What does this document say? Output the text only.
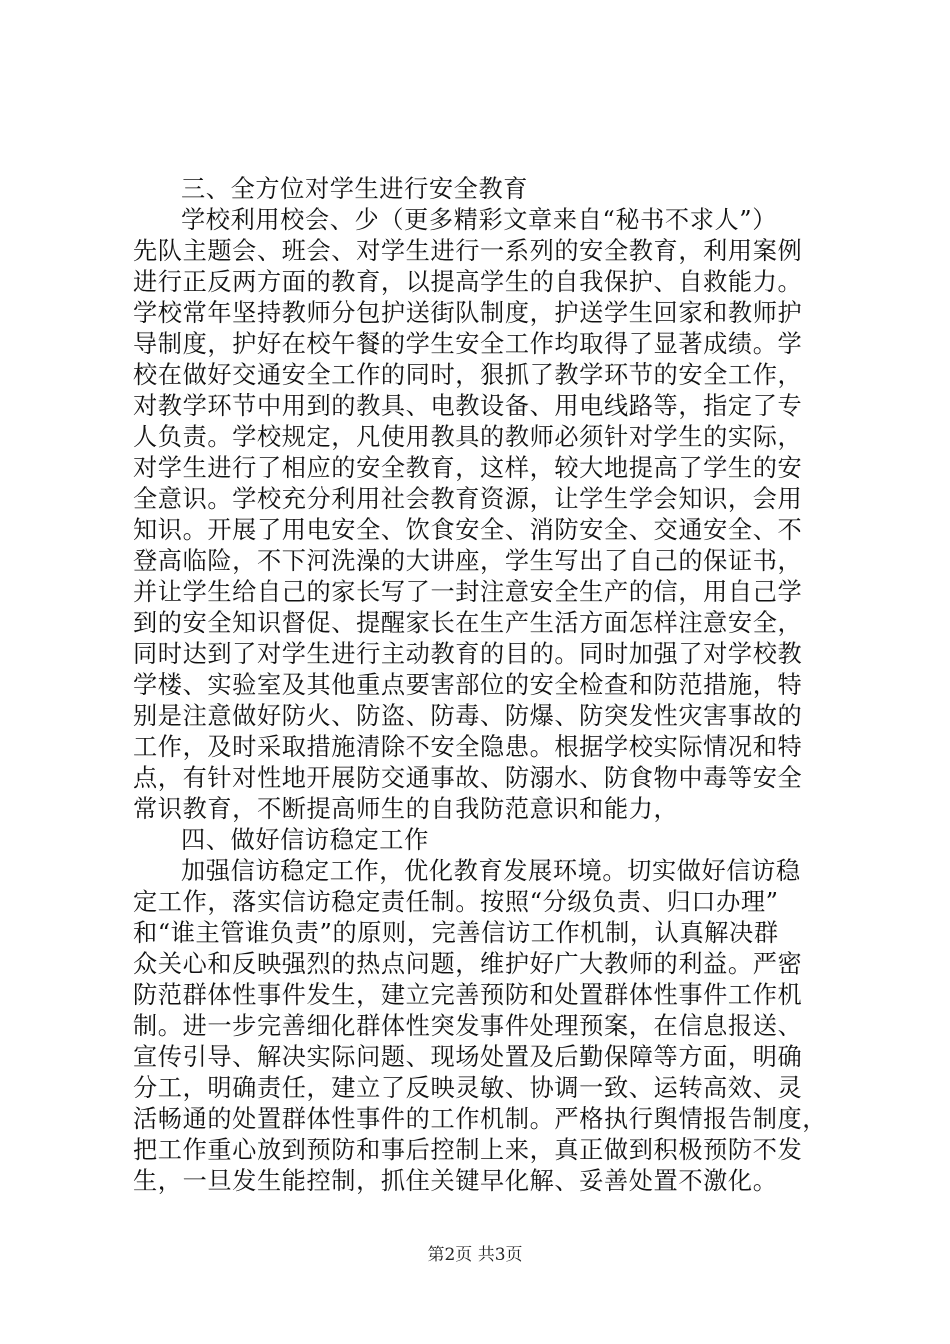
三、全方位对学生进行安全教育
学校利用校会、少（更多精彩文章来自“秘书不求人”）
先队主题会、班会、对学生进行一系列的安全教育，利用案例
进行正反两方面的教育，以提高学生的自我保护、自救能力。
学校常年坚持教师分包护送街队制度，护送学生回家和教师护
导制度，护好在校午餐的学生安全工作均取得了显著成绩。学
校在做好交通安全工作的同时，狠抓了教学环节的安全工作，
对教学环节中用到的教具、电教设备、用电线路等，指定了专
人负责。学校规定，凡使用教具的教师必须针对学生的实际，
对学生进行了相应的安全教育，这样，较大地提高了学生的安
全意识。学校充分利用社会教育资源，让学生学会知识，会用
知识。开展了用电安全、饮食安全、消防安全、交通安全、不
登高临险，不下河洗澡的大讲座，学生写出了自己的保证书，
并让学生给自己的家长写了一封注意安全生产的信，用自己学
到的安全知识督促、提醒家长在生产生活方面怎样注意安全，
同时达到了对学生进行主动教育的目的。同时加强了对学校教
学楼、实验室及其他重点要害部位的安全检查和防范措施，特
别是注意做好防火、防盗、防毒、防爆、防突发性灾害事故的
工作，及时采取措施清除不安全隐患。根据学校实际情况和特
点，有针对性地开展防交通事故、防溺水、防食物中毒等安全
常识教育，不断提高师生的自我防范意识和能力，
四、做好信访稳定工作
加强信访稳定工作，优化教育发展环境。切实做好信访稳
定工作，落实信访稳定责任制。按照“分级负责、归口办理”
和“谁主管谁负责”的原则，完善信访工作机制，认真解决群
众关心和反映强烈的热点问题，维护好广大教师的利益。严密
防范群体性事件发生，建立完善预防和处置群体性事件工作机
制。进一步完善细化群体性突发事件处理预案，在信息报送、
宣传引导、解决实际问题、现场处置及后勤保障等方面，明确
分工，明确责任，建立了反映灵敏、协调一致、运转高效、灵
活畅通的处置群体性事件的工作机制。严格执行舆情报告制度，
把工作重心放到预防和事后控制上来，真正做到积极预防不发
生，一旦发生能控制，抓住关键早化解、妥善处置不激化。
第2页 共3页
